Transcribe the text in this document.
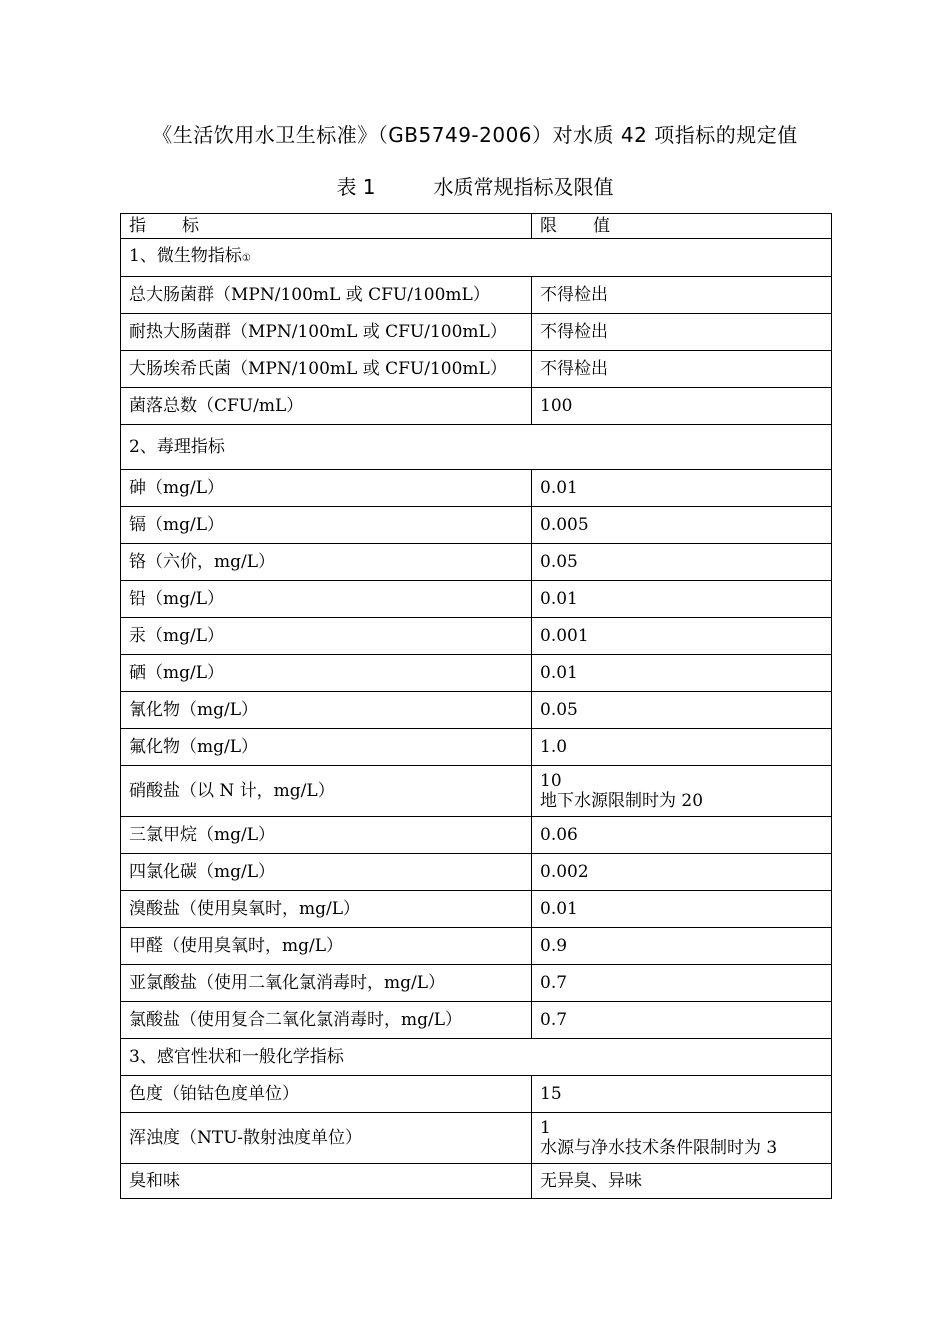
《生活饮用水卫生标准》（GB5749-2006）对水质 42 项指标的规定值
表 1	水质常规指标及限值
指 标	限 值
1、微生物指标①	
总大肠菌群（MPN/100mL 或 CFU/100mL）	不得检出
耐热大肠菌群（MPN/100mL 或 CFU/100mL）	不得检出
大肠埃希氏菌（MPN/100mL 或 CFU/100mL）	不得检出
菌落总数（CFU/mL）	100
2、毒理指标	
砷（mg/L）	0.01
镉（mg/L）	0.005
铬（六价，mg/L）	0.05
铅（mg/L）	0.01
汞（mg/L）	0.001
硒（mg/L）	0.01
氰化物（mg/L）	0.05
氟化物（mg/L）	1.0
硝酸盐（以 N 计，mg/L）	10
地下水源限制时为 20

三氯甲烷（mg/L）	0.06
四氯化碳（mg/L）	0.002
溴酸盐（使用臭氧时，mg/L）	0.01
甲醛（使用臭氧时，mg/L）	0.9
亚氯酸盐（使用二氧化氯消毒时，mg/L）	0.7
氯酸盐（使用复合二氧化氯消毒时，mg/L）	0.7
3、感官性状和一般化学指标	
色度（铂钴色度单位）	15
浑浊度（NTU-散射浊度单位）	1
水源与净水技术条件限制时为 3

臭和味	无异臭、异味
